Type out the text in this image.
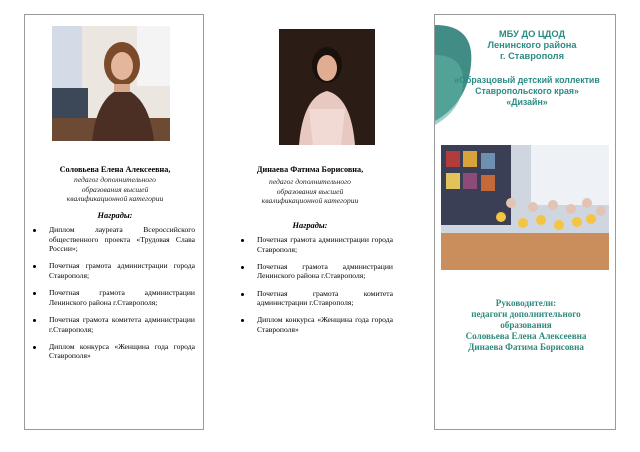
Соловьева Елена Алексеевна,
педагог дополнительного
образования высшей
квалификационной категории
Награды:
Диплом лауреата Всероссийского общественного проекта «Трудовая Слава России»;
Почетная грамота администрации города Ставрополя;
Почетная грамота администрации Ленинского района г.Ставрополя;
Почетная грамота комитета администрации г.Ставрополя;
Диплом конкурса «Женщина года города Ставрополя»
Динаева Фатима Борисовна,
педагог дополнительного
образования высшей
квалификационной категории
Награды:
Почетная грамота администрации города Ставрополя;
Почетная грамота администрации Ленинского района г.Ставрополя;
Почетная грамота комитета администрации г.Ставрополя;
Диплом конкурса «Женщина года города Ставрополя»
МБУ ДО ЦДОД
Ленинского района
г. Ставрополя
«Образцовый детский коллектив
Ставропольского края»
«Дизайн»
Руководители:
педагоги дополнительного
образования
Соловьева Елена Алексеевна
Динаева Фатима Борисовна
